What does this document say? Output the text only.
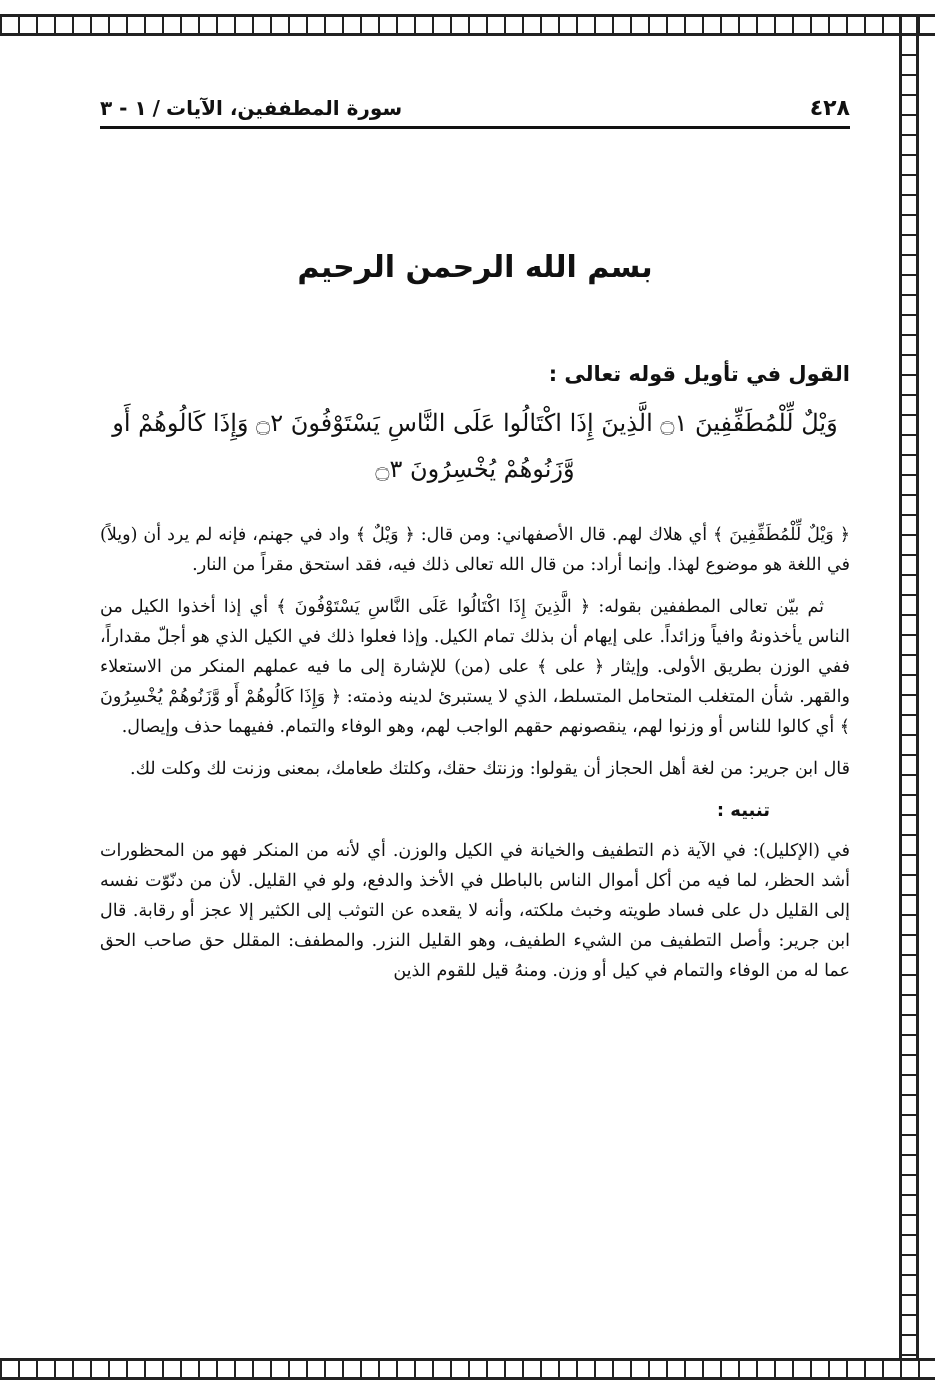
٤٢٨
سورة المطففين، الآيات
/
١ - ٣
بسم الله الرحمن الرحيم
القول في تأويل قوله تعالى :
وَيْلٌ لِّلْمُطَفِّفِينَ ۝١ الَّذِينَ إِذَا اكْتَالُوا عَلَى النَّاسِ يَسْتَوْفُونَ ۝٢ وَإِذَا كَالُوهُمْ أَو
وَّزَنُوهُمْ يُخْسِرُونَ ۝٣

﴿ وَيْلٌ لِّلْمُطَفِّفِينَ ﴾ أي هلاك لهم. قال الأصفهاني: ومن قال: ﴿ وَيْلٌ ﴾ واد في جهنم، فإنه لم يرد أن (ويلاً) في اللغة هو موضوع لهذا. وإنما أراد: من قال الله تعالى ذلك فيه، فقد استحق مقراً من النار.

ثم بيّن تعالى المطففين بقوله: ﴿ الَّذِينَ إِذَا اكْتَالُوا عَلَى النَّاسِ يَسْتَوْفُونَ ﴾ أي إذا أخذوا الكيل من الناس يأخذونهُ وافياً وزائداً. على إيهام أن بذلك تمام الكيل. وإذا فعلوا ذلك في الكيل الذي هو أجلّ مقداراً، ففي الوزن بطريق الأولى. وإيثار ﴿ على ﴾ على (من) للإشارة إلى ما فيه عملهم المنكر من الاستعلاء والقهر. شأن المتغلب المتحامل المتسلط، الذي لا يستبرئ لدينه وذمته: ﴿ وَإِذَا كَالُوهُمْ أَو وَّزَنُوهُمْ يُخْسِرُونَ ﴾ أي كالوا للناس أو وزنوا لهم، ينقصونهم حقهم الواجب لهم، وهو الوفاء والتمام. ففيهما حذف وإيصال.

قال ابن جرير: من لغة أهل الحجاز أن يقولوا: وزنتك حقك، وكلتك طعامك، بمعنى وزنت لك وكلت لك.

تنبيه :

في (الإكليل): في الآية ذم التطفيف والخيانة في الكيل والوزن. أي لأنه من المنكر فهو من المحظورات أشد الحظر، لما فيه من أكل أموال الناس بالباطل في الأخذ والدفع، ولو في القليل. لأن من دنّوّت نفسه إلى القليل دل على فساد طويته وخبث ملكته، وأنه لا يقعده عن التوثب إلى الكثير إلا عجز أو رقابة. قال ابن جرير: وأصل التطفيف من الشيء الطفيف، وهو القليل النزر. والمطفف: المقلل حق صاحب الحق عما له من الوفاء والتمام في كيل أو وزن. ومنهُ قيل للقوم الذين
